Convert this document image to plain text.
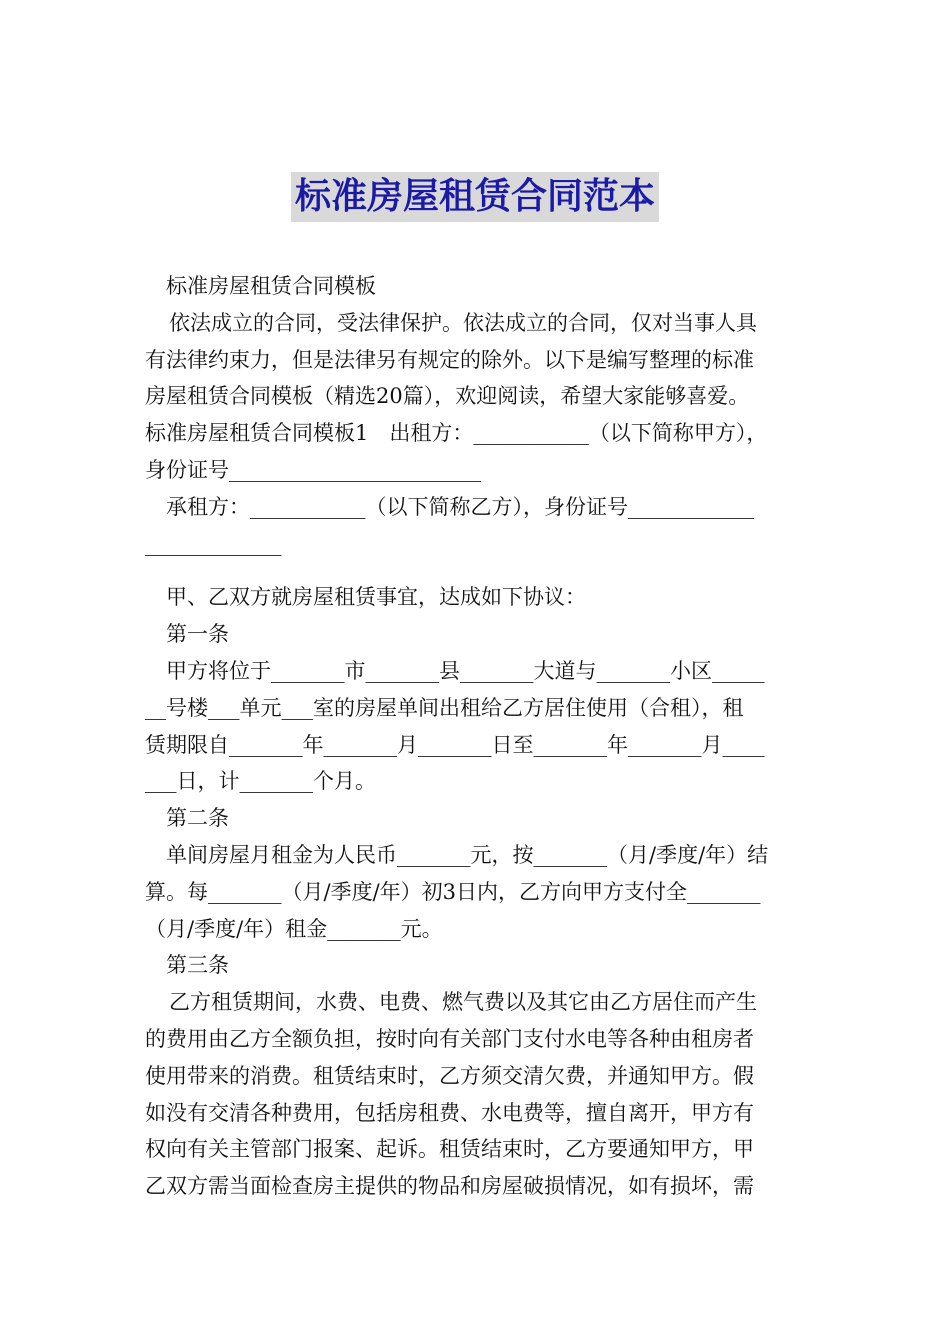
标准房屋租赁合同范本
标准房屋租赁合同模板
依法成立的合同，受法律保护。依法成立的合同，仅对当事人具
有法律约束力，但是法律另有规定的除外。以下是编写整理的标准
房屋租赁合同模板（精选20篇），欢迎阅读，希望大家能够喜爱。
标准房屋租赁合同模板1　出租方：___________（以下简称甲方），
身份证号________________________
承租方：___________（以下简称乙方），身份证号____________
_____________
甲、乙双方就房屋租赁事宜，达成如下协议：
第一条
甲方将位于_______市_______县_______大道与_______小区_____
__号楼___单元___室的房屋单间出租给乙方居住使用（合租），租
赁期限自_______年_______月_______日至_______年_______月____
___日，计_______个月。
第二条
单间房屋月租金为人民币_______元，按_______（月/季度/年）结
算。每_______（月/季度/年）初3日内，乙方向甲方支付全_______
（月/季度/年）租金_______元。
第三条
乙方租赁期间，水费、电费、燃气费以及其它由乙方居住而产生
的费用由乙方全额负担，按时向有关部门支付水电等各种由租房者
使用带来的消费。租赁结束时，乙方须交清欠费，并通知甲方。假
如没有交清各种费用，包括房租费、水电费等，擅自离开，甲方有
权向有关主管部门报案、起诉。租赁结束时，乙方要通知甲方，甲
乙双方需当面检查房主提供的物品和房屋破损情况，如有损坏，需
